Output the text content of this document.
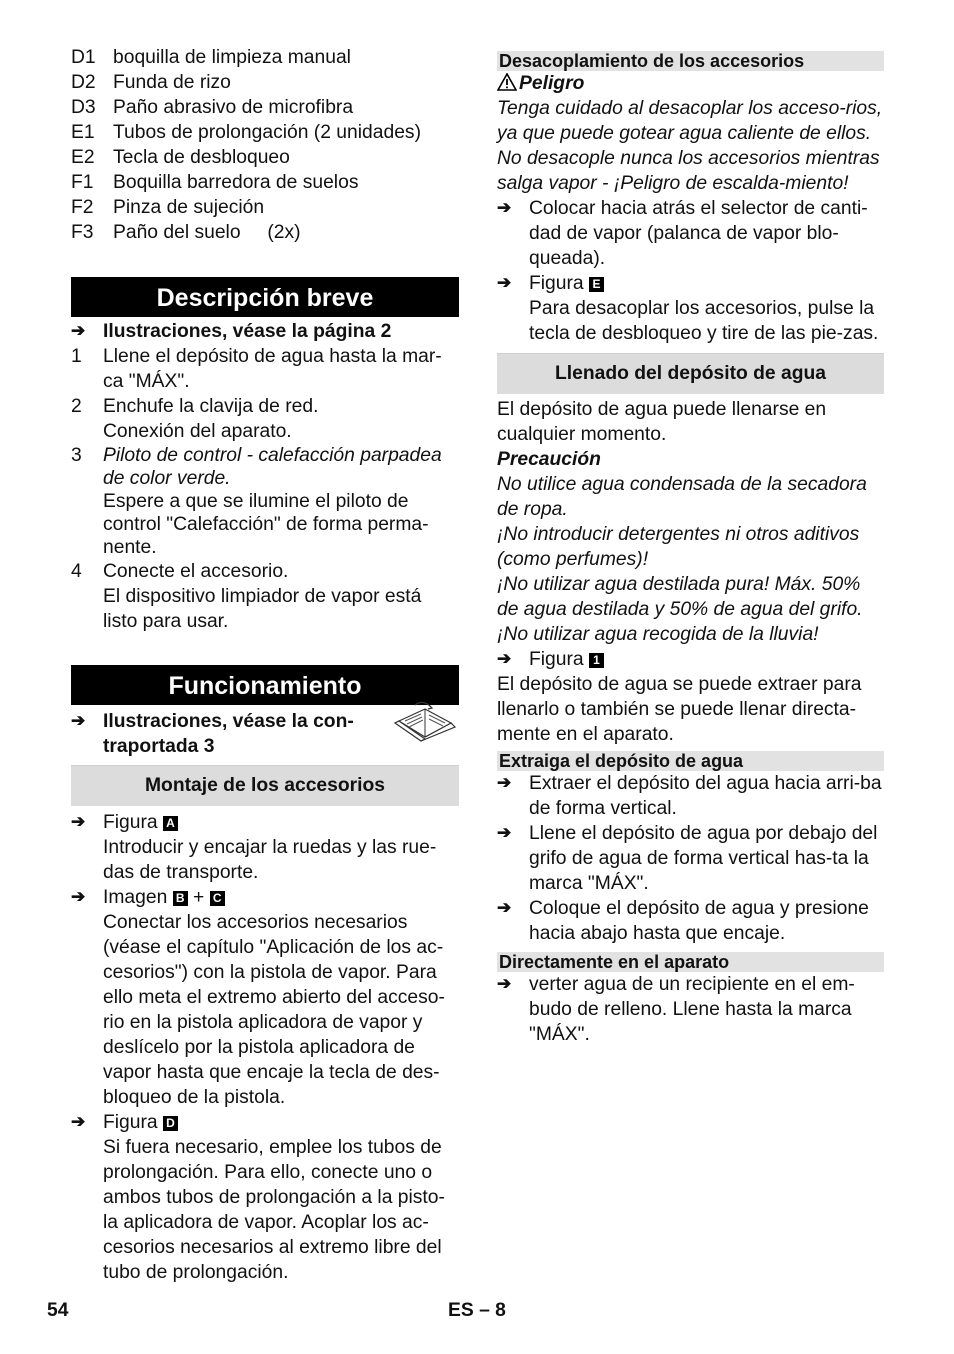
D1 boquilla de limpieza manual
D2 Funda de rizo
D3 Paño abrasivo de microfibra
E1 Tubos de prolongación (2 unidades)
E2 Tecla de desbloqueo
F1	Boquilla barredora de suelos
F2	Pinza de sujeción
F3	Paño del suelo     (2x)
Descripción breve
➔ Ilustraciones, véase la página 2
1	Llene el depósito de agua hasta la mar-ca "MÁX".
2	Enchufe la clavija de red.
Conexión del aparato.
3	Piloto de control - calefacción parpadea de color verde.
Espere a que se ilumine el piloto de control "Calefacción" de forma perma-nente.
4	Conecte el accesorio.
El dispositivo limpiador de vapor está listo para usar.
Funcionamiento
➔ Ilustraciones, véase la con-traportada 3
Montaje de los accesorios
➔ Figura A
Introducir y encajar la ruedas y las rue-das de transporte.
➔ Imagen B + C
Conectar los accesorios necesarios (véase el capítulo "Aplicación de los ac-cesorios") con la pistola de vapor. Para ello meta el extremo abierto del acceso-rio en la pistola aplicadora de vapor y deslícelo por la pistola aplicadora de vapor hasta que encaje la tecla de des-bloqueo de la pistola.
➔ Figura D
Si fuera necesario, emplee los tubos de prolongación. Para ello, conecte uno o ambos tubos de prolongación a la pisto-la aplicadora de vapor. Acoplar los ac-cesorios necesarios al extremo libre del tubo de prolongación.
Desacoplamiento de los accesorios
Peligro
Tenga cuidado al desacoplar los acceso-rios, ya que puede gotear agua caliente de ellos. No desacople nunca los accesorios mientras salga vapor - ¡Peligro de escalda-miento!
➔ Colocar hacia atrás el selector de canti-dad de vapor (palanca de vapor blo-queada).
➔ Figura E
Para desacoplar los accesorios, pulse la tecla de desbloqueo y tire de las pie-zas.
Llenado del depósito de agua
El depósito de agua puede llenarse en cualquier momento.
Precaución
No utilice agua condensada de la secadora de ropa.
¡No introducir detergentes ni otros aditivos (como perfumes)!
¡No utilizar agua destilada pura! Máx. 50% de agua destilada y 50% de agua del grifo.
¡No utilizar agua recogida de la lluvia!
➔ Figura 1
El depósito de agua se puede extraer para llenarlo o también se puede llenar directa-mente en el aparato.
Extraiga el depósito de agua
➔ Extraer el depósito del agua hacia arri-ba de forma vertical.
➔ Llene el depósito de agua por debajo del grifo de agua de forma vertical has-ta la marca "MÁX".
➔ Coloque el depósito de agua y presione hacia abajo hasta que encaje.
Directamente en el aparato
➔ verter agua de un recipiente en el em-budo de relleno. Llene hasta la marca "MÁX".
54	ES – 8
